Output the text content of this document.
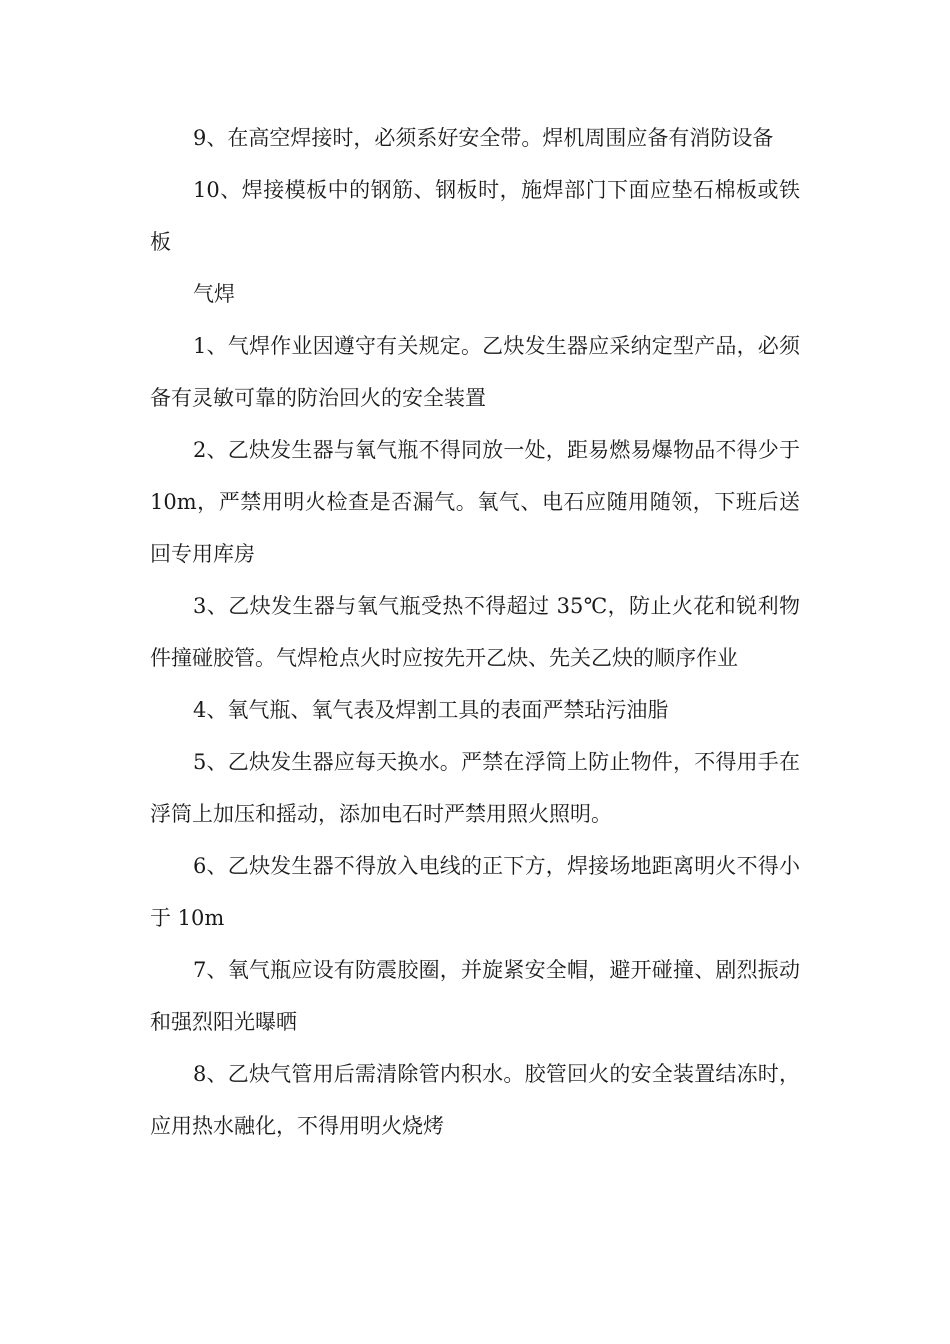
9、在高空焊接时，必须系好安全带。焊机周围应备有消防设备

10、焊接模板中的钢筋、钢板时，施焊部门下面应垫石棉板或铁板

气焊

1、气焊作业因遵守有关规定。乙炔发生器应采纳定型产品，必须备有灵敏可靠的防治回火的安全装置

2、乙炔发生器与氧气瓶不得同放一处，距易燃易爆物品不得少于 10m，严禁用明火检查是否漏气。氧气、电石应随用随领，下班后送回专用库房

3、乙炔发生器与氧气瓶受热不得超过 35℃，防止火花和锐利物件撞碰胶管。气焊枪点火时应按先开乙炔、先关乙炔的顺序作业

4、氧气瓶、氧气表及焊割工具的表面严禁玷污油脂

5、乙炔发生器应每天换水。严禁在浮筒上防止物件，不得用手在浮筒上加压和摇动，添加电石时严禁用照火照明。

6、乙炔发生器不得放入电线的正下方，焊接场地距离明火不得小于 10m

7、氧气瓶应设有防震胶圈，并旋紧安全帽，避开碰撞、剧烈振动和强烈阳光曝晒

8、乙炔气管用后需清除管内积水。胶管回火的安全装置结冻时，应用热水融化，不得用明火烧烤
